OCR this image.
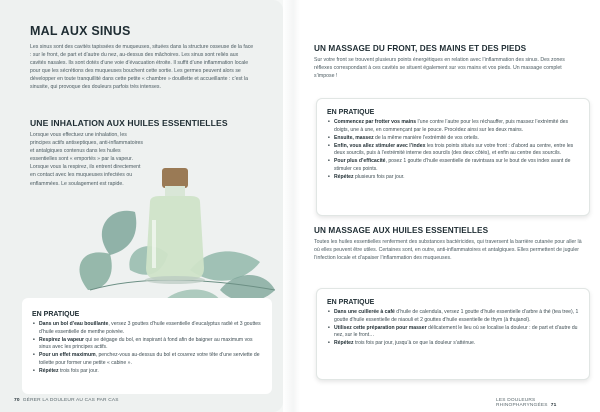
MAL AUX SINUS
Les sinus sont des cavités tapissées de muqueuses, situées dans la structure osseuse de la face : sur le front, de part et d’autre du nez, au-dessus des mâchoires. Les sinus sont reliés aux cavités nasales. Ils sont dotés d’une voie d’évacuation étroite. Il suffit d’une inflammation locale pour que les sécrétions des muqueuses bouchent cette sortie. Les germes peuvent alors se développer en toute tranquillité dans cette petite « chambre » douillette et accueillante : c’est la sinusite, qui provoque des douleurs parfois très intenses.
UNE INHALATION AUX HUILES ESSENTIELLES
Lorsque vous effectuez une inhalation, les principes actifs antiseptiques, anti-inflammatoires et antalgiques contenus dans les huiles essentielles sont « emportés » par la vapeur. Lorsque vous la respirez, ils entrent directement en contact avec les muqueuses infectées ou enflammées. Le soulagement est rapide.
EN PRATIQUE
• Dans un bol d’eau bouillante, versez 3 gouttes d’huile essentielle d’eucalyptus radié et 3 gouttes d’huile essentielle de menthe poivrée.
• Respirez la vapeur qui se dégage du bol, en inspirant à fond afin de baigner au maximum vos sinus avec les principes actifs.
• Pour un effet maximum, penchez-vous au-dessus du bol et couvrez votre tête d’une serviette de toilette pour former une petite « cabine ».
• Répétez trois fois par jour.
70 GÉRER LA DOULEUR AU CAS PAR CAS
UN MASSAGE DU FRONT, DES MAINS ET DES PIEDS
Sur votre front se trouvent plusieurs points énergétiques en relation avec l’inflammation des sinus. Des zones réflexes correspondant à ces cavités se situent également sur vos mains et vos pieds. Un massage complet s’impose !
EN PRATIQUE
• Commencez par frotter vos mains l’une contre l’autre pour les réchauffer, puis massez l’extrémité des doigts, une à une, en commençant par le pouce. Procédez ainsi sur les deux mains.
• Ensuite, massez de la même manière l’extrémité de vos orteils.
• Enfin, vous allez stimuler avec l’index les trois points situés sur votre front : d’abord au centre, entre les deux sourcils, puis à l’extrémité interne des sourcils (des deux côtés), et enfin au centre des sourcils.
• Pour plus d’efficacité, posez 1 goutte d’huile essentielle de ravintsara sur le bout de vos index avant de stimuler ces points.
• Répétez plusieurs fois par jour.
UN MASSAGE AUX HUILES ESSENTIELLES
Toutes les huiles essentielles renferment des substances bactéricides, qui traversent la barrière cutanée pour aller là où elles peuvent être utiles. Certaines sont, en outre, anti-inflammatoires et antalgiques. Elles permettent de juguler l’infection locale et d’apaiser l’inflammation des muqueuses.
EN PRATIQUE
• Dans une cuillerée à café d’huile de calendula, versez 1 goutte d’huile essentielle d’arbre à thé (tea tree), 1 goutte d’huile essentielle de niaouli et 2 gouttes d’huile essentielle de thym (à thujanol).
• Utilisez cette préparation pour masser délicatement le lieu où se localise la douleur : de part et d’autre du nez, sur le front…
• Répétez trois fois par jour, jusqu’à ce que la douleur s’atténue.
LES DOULEURS RHINOPHARYNGÉES 71
